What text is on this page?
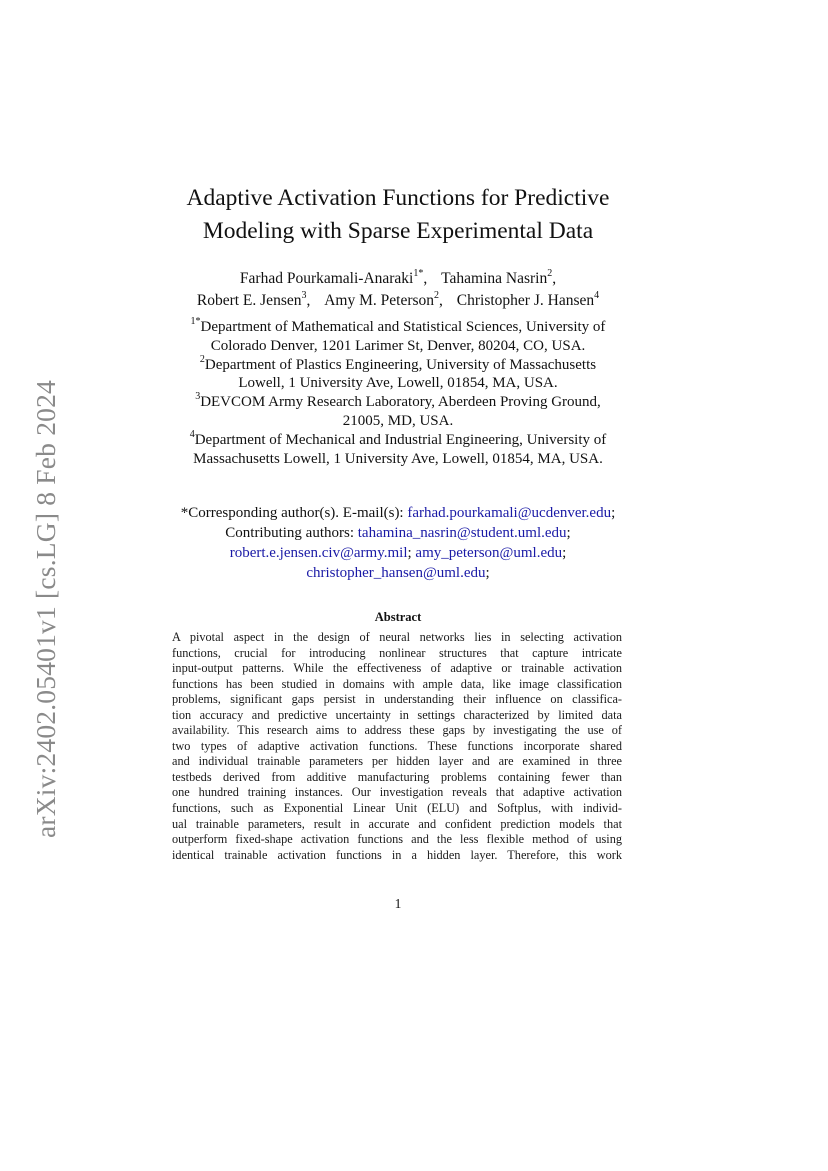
arXiv:2402.05401v1 [cs.LG] 8 Feb 2024
Adaptive Activation Functions for Predictive
Modeling with Sparse Experimental Data
Farhad Pourkamali-Anaraki$^{1*}$, Tahamina Nasrin$^2$,
Robert E. Jensen$^3$, Amy M. Peterson$^2$, Christopher J. Hansen$^4$
$^{1*}$Department of Mathematical and Statistical Sciences, University of
Colorado Denver, 1201 Larimer St, Denver, 80204, CO, USA.
$^2$Department of Plastics Engineering, University of Massachusetts
Lowell, 1 University Ave, Lowell, 01854, MA, USA.
$^3$DEVCOM Army Research Laboratory, Aberdeen Proving Ground,
21005, MD, USA.
$^4$Department of Mechanical and Industrial Engineering, University of
Massachusetts Lowell, 1 University Ave, Lowell, 01854, MA, USA.
*Corresponding author(s). E-mail(s): farhad.pourkamali@ucdenver.edu;
Contributing authors: tahamina_nasrin@student.uml.edu;
robert.e.jensen.civ@army.mil; amy_peterson@uml.edu;
christopher_hansen@uml.edu;
Abstract
A pivotal aspect in the design of neural networks lies in selecting activation
functions, crucial for introducing nonlinear structures that capture intricate
input-output patterns. While the effectiveness of adaptive or trainable activation
functions has been studied in domains with ample data, like image classification
problems, significant gaps persist in understanding their influence on classifica-
tion accuracy and predictive uncertainty in settings characterized by limited data
availability. This research aims to address these gaps by investigating the use of
two types of adaptive activation functions. These functions incorporate shared
and individual trainable parameters per hidden layer and are examined in three
testbeds derived from additive manufacturing problems containing fewer than
one hundred training instances. Our investigation reveals that adaptive activation
functions, such as Exponential Linear Unit (ELU) and Softplus, with individ-
ual trainable parameters, result in accurate and confident prediction models that
outperform fixed-shape activation functions and the less flexible method of using
identical trainable activation functions in a hidden layer. Therefore, this work
1
